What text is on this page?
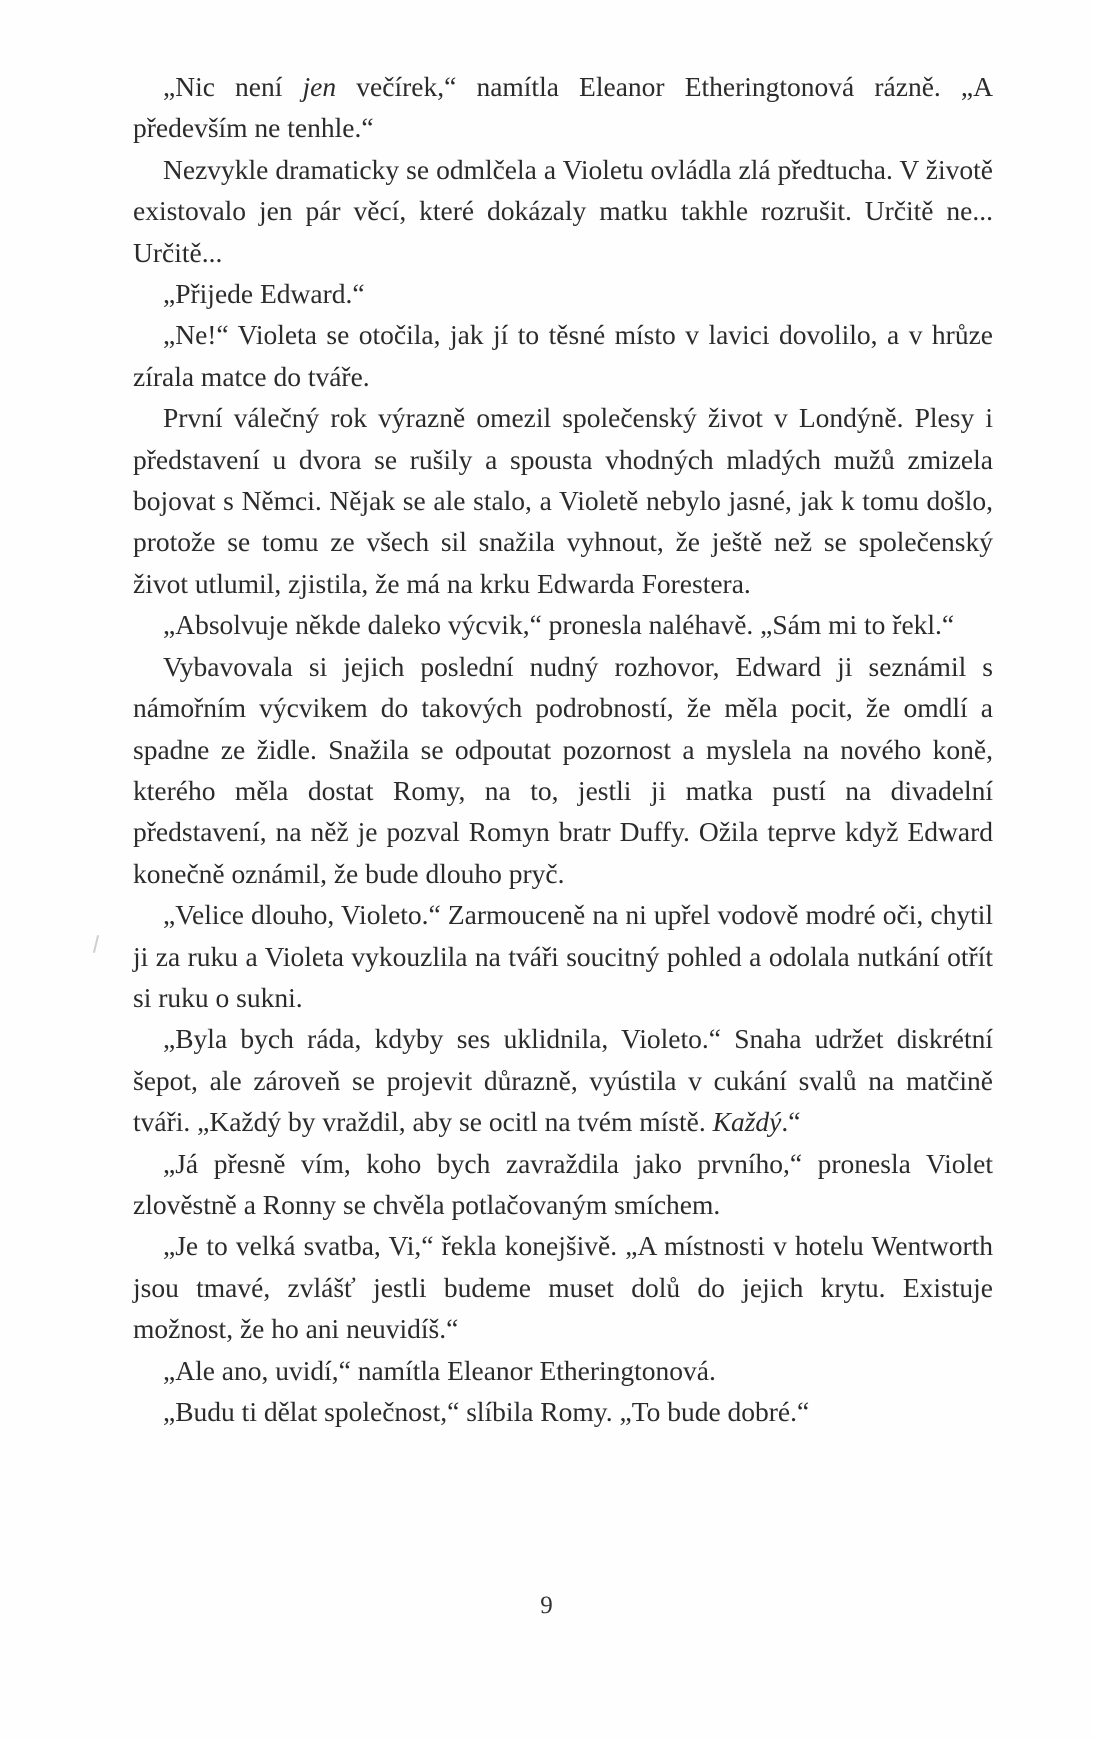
„Nic není jen večírek,“ namítla Eleanor Etheringtonová rázně. „A především ne tenhle.“

Nezvykle dramaticky se odmlčela a Violetu ovládla zlá předtucha. V životě existovalo jen pár věcí, které dokázaly matku takhle rozrušit. Určitě ne... Určitě...

„Přijede Edward.“

„Ne!“ Violeta se otočila, jak jí to těsné místo v lavici dovolilo, a v hrůze zírala matce do tváře.

První válečný rok výrazně omezil společenský život v Londýně. Plesy i představení u dvora se rušily a spousta vhodných mladých mužů zmizela bojovat s Němci. Nějak se ale stalo, a Violetě nebylo jasné, jak k tomu došlo, protože se tomu ze všech sil snažila vyhnout, že ještě než se společenský život utlumil, zjistila, že má na krku Edwarda Forestera.

„Absolvuje někde daleko výcvik,“ pronesla naléhavě. „Sám mi to řekl.“

Vybavovala si jejich poslední nudný rozhovor, Edward ji seznámil s námořním výcvikem do takových podrobností, že měla pocit, že omdlí a spadne ze židle. Snažila se odpoutat pozornost a myslela na nového koně, kterého měla dostat Romy, na to, jestli ji matka pustí na divadelní představení, na něž je pozval Romyn bratr Duffy. Ožila teprve když Edward konečně oznámil, že bude dlouho pryč.

„Velice dlouho, Violeto.“ Zarmouceně na ni upřel vodově modré oči, chytil ji za ruku a Violeta vykouzlila na tváři soucitný pohled a odolala nutkání otřít si ruku o sukni.

„Byla bych ráda, kdyby ses uklidnila, Violeto.“ Snaha udržet diskrétní šepot, ale zároveň se projevit důrazně, vyústila v cukání svalů na matčině tváři. „Každý by vraždil, aby se ocitl na tvém místě. Každý.“

„Já přesně vím, koho bych zavraždila jako prvního,“ pronesla Violet zlověstně a Ronny se chvěla potlačovaným smíchem.

„Je to velká svatba, Vi,“ řekla konejšivě. „A místnosti v hotelu Wentworth jsou tmavé, zvlášť jestli budeme muset dolů do jejich krytu. Existuje možnost, že ho ani neuvidíš.“

„Ale ano, uvidí,“ namítla Eleanor Etheringtonová.

„Budu ti dělat společnost,“ slíbila Romy. „To bude dobré.“

9
